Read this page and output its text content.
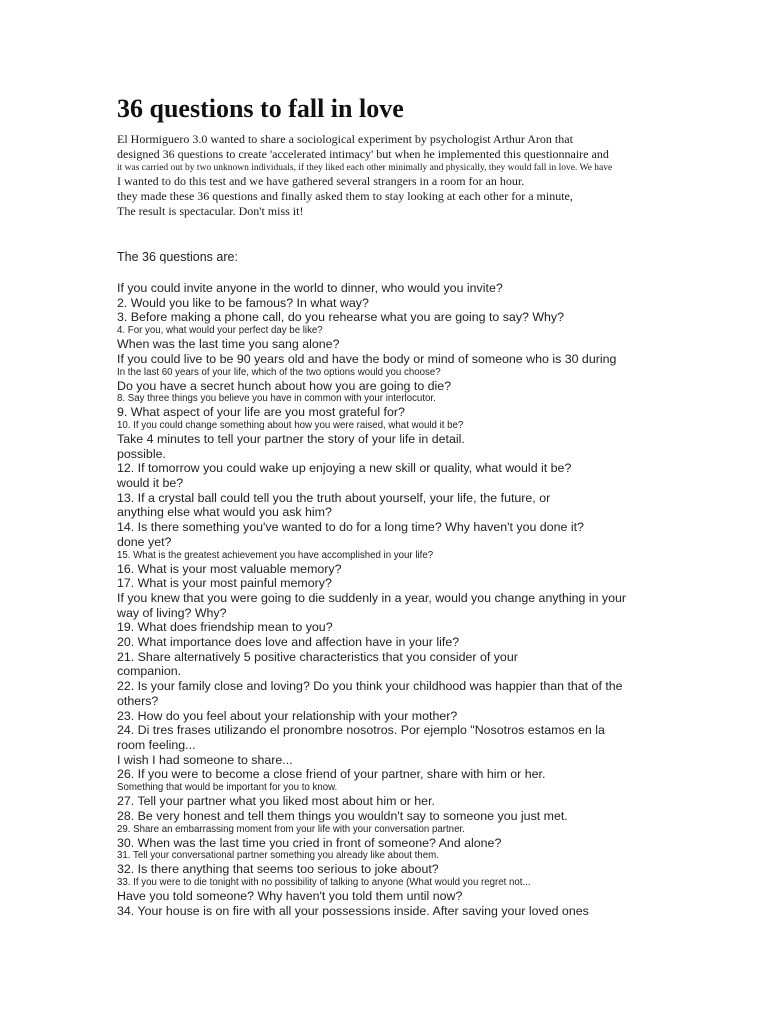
36 questions to fall in love
El Hormiguero 3.0 wanted to share a sociological experiment by psychologist Arthur Aron that
designed 36 questions to create 'accelerated intimacy' but when he implemented this questionnaire and
it was carried out by two unknown individuals, if they liked each other minimally and physically, they would fall in love. We have
I wanted to do this test and we have gathered several strangers in a room for an hour.
they made these 36 questions and finally asked them to stay looking at each other for a minute,
The result is spectacular. Don't miss it!
The 36 questions are:
If you could invite anyone in the world to dinner, who would you invite?
2. Would you like to be famous? In what way?
3. Before making a phone call, do you rehearse what you are going to say? Why?
4. For you, what would your perfect day be like?
When was the last time you sang alone?
If you could live to be 90 years old and have the body or mind of someone who is 30 during
In the last 60 years of your life, which of the two options would you choose?
Do you have a secret hunch about how you are going to die?
8. Say three things you believe you have in common with your interlocutor.
9. What aspect of your life are you most grateful for?
10. If you could change something about how you were raised, what would it be?
Take 4 minutes to tell your partner the story of your life in detail.
possible.
12. If tomorrow you could wake up enjoying a new skill or quality, what would it be?
would it be?
13. If a crystal ball could tell you the truth about yourself, your life, the future, or
anything else what would you ask him?
14. Is there something you've wanted to do for a long time? Why haven't you done it?
done yet?
15. What is the greatest achievement you have accomplished in your life?
16. What is your most valuable memory?
17. What is your most painful memory?
If you knew that you were going to die suddenly in a year, would you change anything in your
way of living? Why?
19. What does friendship mean to you?
20. What importance does love and affection have in your life?
21. Share alternatively 5 positive characteristics that you consider of your
companion.
22. Is your family close and loving? Do you think your childhood was happier than that of the
others?
23. How do you feel about your relationship with your mother?
24. Di tres frases utilizando el pronombre nosotros. Por ejemplo "Nosotros estamos en la
room feeling...
I wish I had someone to share...
26. If you were to become a close friend of your partner, share with him or her.
Something that would be important for you to know.
27. Tell your partner what you liked most about him or her.
28. Be very honest and tell them things you wouldn't say to someone you just met.
29. Share an embarrassing moment from your life with your conversation partner.
30. When was the last time you cried in front of someone? And alone?
31. Tell your conversational partner something you already like about them.
32. Is there anything that seems too serious to joke about?
33. If you were to die tonight with no possibility of talking to anyone (What would you regret not...
Have you told someone? Why haven't you told them until now?
34. Your house is on fire with all your possessions inside. After saving your loved ones
